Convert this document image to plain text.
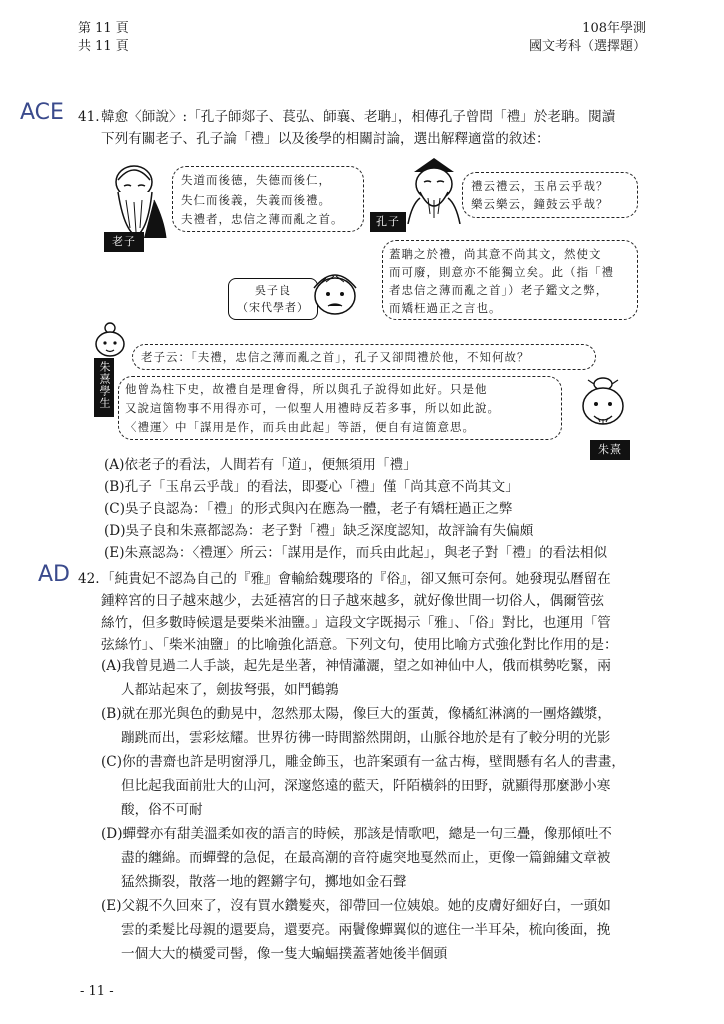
第 11 頁
共 11 頁
108年學測
國文考科（選擇題）
ACE 41. 韓愈〈師說〉:「孔子師郯子、萇弘、師襄、老聃」，相傳孔子曾問「禮」於老聃。閱讀
下列有關老子、孔子論「禮」以及後學的相關討論，選出解釋適當的敘述：
老子
失道而後德，失德而後仁，
失仁而後義，失義而後禮。
夫禮者，忠信之薄而亂之首。	孔子
禮云禮云，玉帛云乎哉？
樂云樂云，鐘鼓云乎哉？
吳子良
（宋代學者）
蓋聃之於禮，尚其意不尚其文，然使文
而可廢，則意亦不能獨立矣。此（指「禮
者忠信之薄而亂之首」）老子鑑文之弊，
而矯枉過正之言也。
朱熹學生
老子云：「夫禮，忠信之薄而亂之首」，孔子又卻問禮於他，不知何故？
他曾為柱下史，故禮自是理會得，所以與孔子說得如此好。只是他
又說這箇物事不用得亦可，一似聖人用禮時反若多事，所以如此說。
〈禮運〉中「謀用是作，而兵由此起」等語，便自有這箇意思。
朱熹
(A)依老子的看法，人間若有「道」，便無須用「禮」
(B)孔子「玉帛云乎哉」的看法，即憂心「禮」僅「尚其意不尚其文」
(C)吳子良認為：「禮」的形式與內在應為一體，老子有矯枉過正之弊
(D)吳子良和朱熹都認為：老子對「禮」缺乏深度認知，故評論有失偏頗
(E)朱熹認為：〈禮運〉所云：「謀用是作，而兵由此起」，與老子對「禮」的看法相似
AD 42. 「純貴妃不認為自己的『雅』會輸給魏瓔珞的『俗』，卻又無可奈何。她發現弘曆留在
鍾粹宮的日子越來越少，去延禧宮的日子越來越多，就好像世間一切俗人，偶爾管弦
絲竹，但多數時候還是要柴米油鹽。」這段文字既揭示「雅」、「俗」對比，也運用「管
弦絲竹」、「柴米油鹽」的比喻強化語意。下列文句，使用比喻方式強化對比作用的是：
(A) 我曾見過二人手談，起先是坐著，神情瀟灑，望之如神仙中人，俄而棋勢吃緊，兩
人都站起來了，劍拔弩張，如鬥鶴鶉
(B) 就在那光與色的動晃中，忽然那太陽，像巨大的蛋黃，像橘紅淋漓的一團烙鐵漿，
蹦跳而出，雲彩炫耀。世界彷彿一時間豁然開朗，山脈谷地於是有了較分明的光影
(C) 你的書齋也許是明窗淨几，雕金飾玉，也許案頭有一盆古梅，壁間懸有名人的書畫，
但比起我面前壯大的山河，深邃悠遠的藍天，阡陌橫斜的田野，就顯得那麼渺小寒
酸，俗不可耐
(D) 蟬聲亦有甜美溫柔如夜的語言的時候，那該是情歌吧，總是一句三疊，像那傾吐不
盡的纏綿。而蟬聲的急促，在最高潮的音符處突地戛然而止，更像一篇錦繡文章被
猛然撕裂，散落一地的鏗鏘字句，擲地如金石聲
(E) 父親不久回來了，沒有買水鑽髮夾，卻帶回一位姨娘。她的皮膚好細好白，一頭如
雲的柔髮比母親的還要烏，還要亮。兩鬢像蟬翼似的遮住一半耳朵，梳向後面，挽
一個大大的橫愛司髻，像一隻大蝙蝠撲蓋著她後半個頭
- 11 -
